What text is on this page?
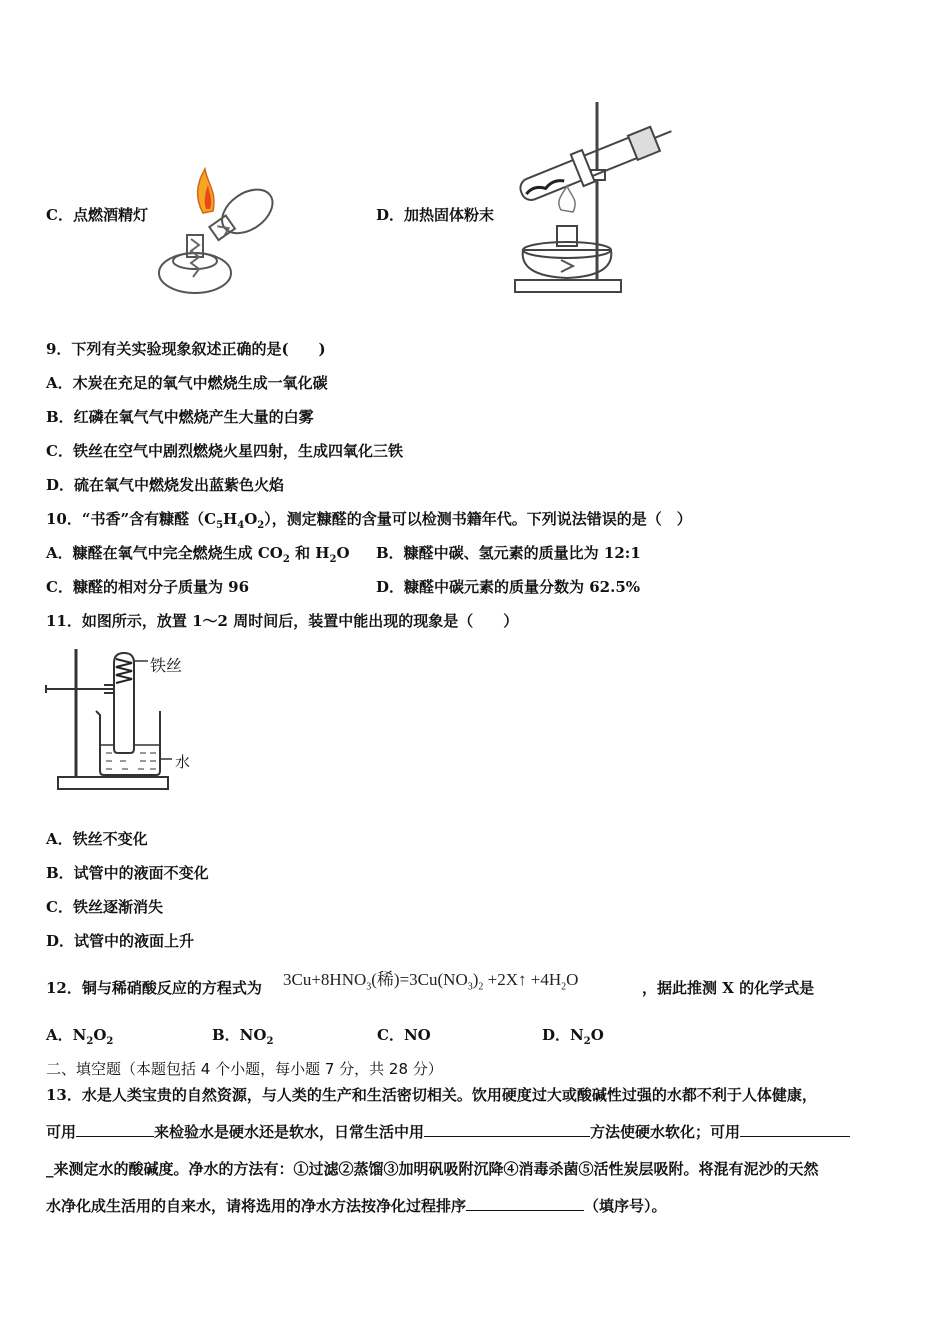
C．点燃酒精灯	D．加热固体粉末
9．下列有关实验现象叙述正确的是(　　)
A．木炭在充足的氧气中燃烧生成一氧化碳
B．红磷在氧气气中燃烧产生大量的白雾
C．铁丝在空气中剧烈燃烧火星四射，生成四氧化三铁
D．硫在氧气中燃烧发出蓝紫色火焰
10．“书香”含有糠醛$(C_5H_4O_2)$，测定糠醛的含量可以检测书籍年代。下列说法错误的是（　）
A．糠醛在氧气中完全燃烧生成 $CO_2$ 和 $H_2O$ B．糠醛中碳、氢元素的质量比为 12:1
C．糠醛的相对分子质量为 96	D．糠醛中碳元素的质量分数为 62.5%
11．如图所示，放置 1～2 周时间后，装置中能出现的现象是（　　）
铁丝
水
A．铁丝不变化
B．试管中的液面不变化
C．铁丝逐渐消失
D．试管中的液面上升
12．铜与稀硝酸反应的方程式为 $3Cu+8HNO_3$(稀)$=3Cu(NO_3)_2$ +2X↑ $+4H_2O$	，据此推测 X 的化学式是
A．$N_2O_2$	B．$NO_2$	C．NO	D．$N_2O$
二、填空题（本题包括 4 个小题，每小题 7 分，共 28 分）
13．水是人类宝贵的自然资源，与人类的生产和生活密切相关。饮用硬度过大或酸碱性过强的水都不利于人体健康，
可用	来检验水是硬水还是软水，日常生活中用	方法使硬水软化；可用
_来测定水的酸碱度。净水的方法有：①过滤②蒸馏③加明矾吸附沉降④消毒杀菌⑤活性炭层吸附。将混有泥沙的天然
水净化成生活用的自来水，请将选用的净水方法按净化过程排序	（填序号）。
